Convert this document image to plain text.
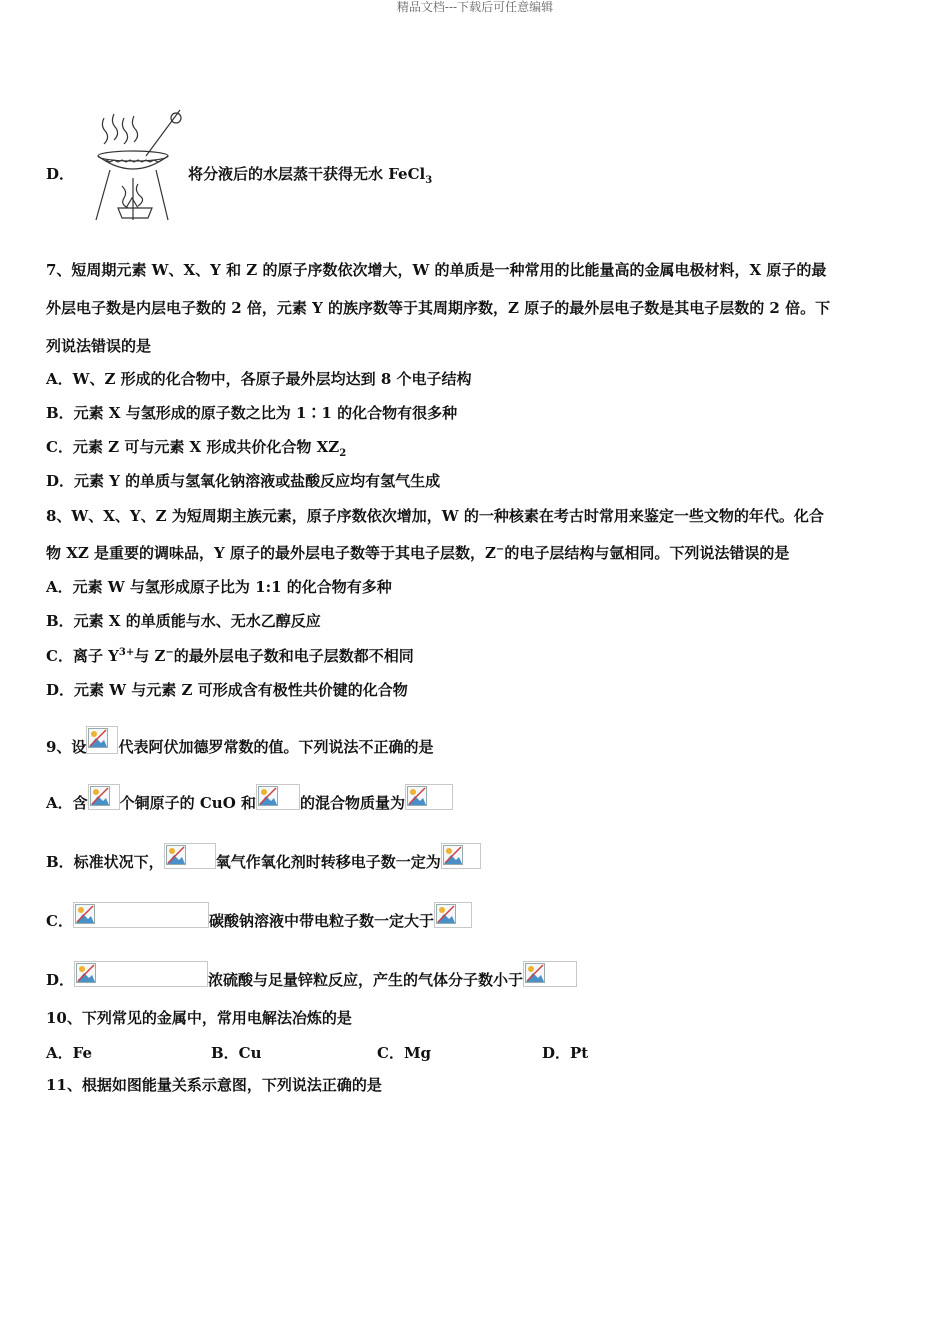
精品文档---下载后可任意编辑
D．	将分液后的水层蒸干获得无水 FeCl$_3$
7、短周期元素 W、X、Y 和 Z 的原子序数依次增大，W 的单质是一种常用的比能量高的金属电极材料，X 原子的最
外层电子数是内层电子数的 2 倍，元素 Y 的族序数等于其周期序数，Z 原子的最外层电子数是其电子层数的 2 倍。下
列说法错误的是
A．W、Z 形成的化合物中，各原子最外层均达到 8 个电子结构
B．元素 X 与氢形成的原子数之比为 1∶1 的化合物有很多种
C．元素 Z 可与元素 X 形成共价化合物 $XZ_2$
D．元素 Y 的单质与氢氧化钠溶液或盐酸反应均有氢气生成
8、W、X、Y、Z 为短周期主族元素，原子序数依次增加，W 的一种核素在考古时常用来鉴定一些文物的年代。化合
物 XZ 是重要的调味品，Y 原子的最外层电子数等于其电子层数，Z−的电子层结构与氩相同。下列说法错误的是
A．元素 W 与氢形成原子比为 1:1 的化合物有多种
B．元素 X 的单质能与水、无水乙醇反应
C．离子 $Y^{3+}$与 Z−的最外层电子数和电子层数都不相同
D．元素 W 与元素 Z 可形成含有极性共价键的化合物
9、设 代表阿伏加德罗常数的值。下列说法不正确的是
A．含 个铜原子的 CuO 和	的混合物质量为
B．标准状况下，	氧气作氧化剂时转移电子数一定为
C．	碳酸钠溶液中带电粒子数一定大于
D．	浓硫酸与足量锌粒反应，产生的气体分子数小于
10、下列常见的金属中，常用电解法冶炼的是
A．Fe	B．Cu	C．Mg	D．Pt
11、根据如图能量关系示意图，下列说法正确的是
